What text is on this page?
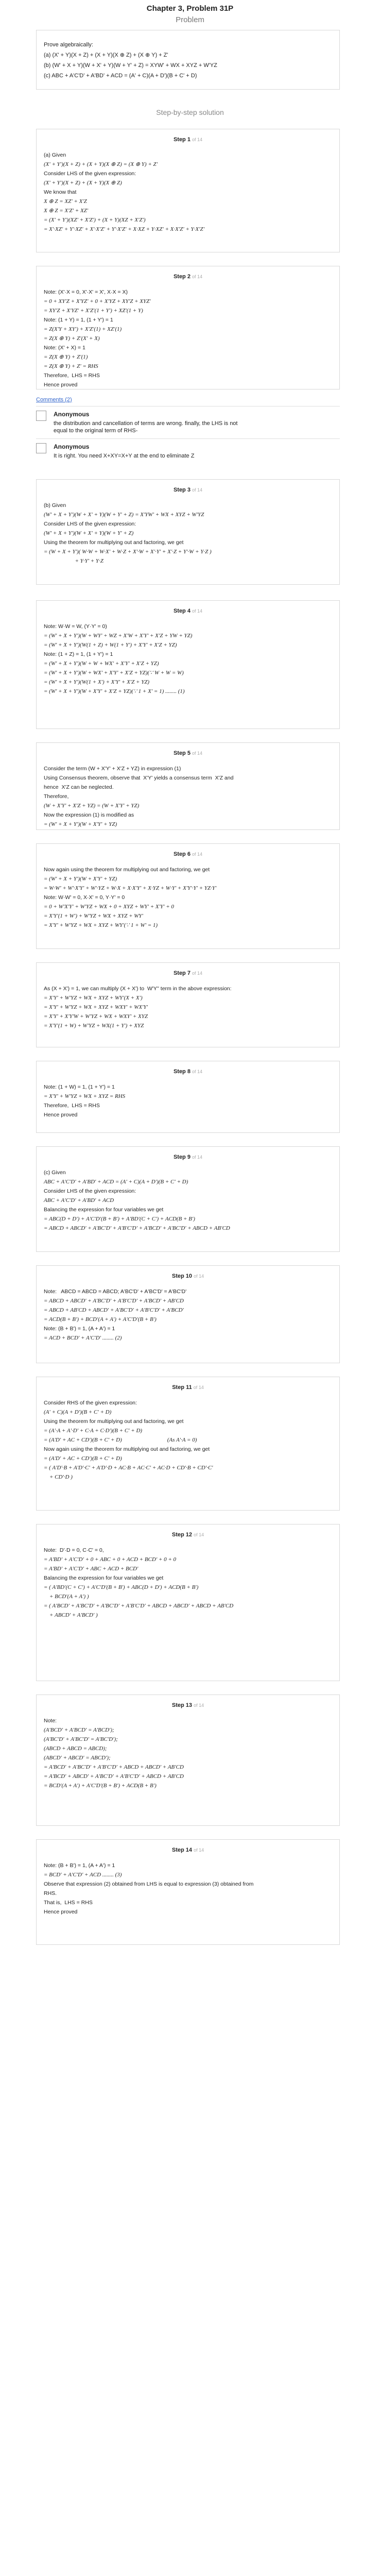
Chapter 3, Problem 31P
Problem
Prove algebraically:
(a) (X' + Y)(X + Z) + (X + Y)(X ⊕ Z) + (X ⊕ Y) + Z'
(b) (W' + X + Y)(W + X' + Y)(W + Y' + Z) = XYW' + WX + XYZ + W'YZ
(c) ABC + A'C'D' + A'BD' + ACD = (A' + C)(A + D')(B + C' + D)
Step-by-step solution
Step 1 of 14
(a) Given
(X' + Y')(X + Z) + (X + Y)(X ⊕ Z) = (X ⊕ Y) + Z'
Consider LHS of the given expression:
(X' + Y')(X + Z) + (X + Y)(X ⊕ Z)
We know that
X ⊕ Z = XZ' + X'Z
X ⊕ Z = X'Z' + XZ'
= (X' + Y')(XZ' + X'Z') + (X + Y)(XZ + X'Z')
= X'·XZ' + Y'·XZ' + X'·X'Z' + Y'·X'Z' + X·XZ + Y·XZ' + X·X'Z' + Y·X'Z'
Step 2 of 14
Note: (X'·X = 0, X'·X' = X', X·X = X)
= 0 + XY'Z + X'YZ' + 0 + X'YZ + XY'Z + XYZ'
= XY'Z + X'YZ' + X'Z'(1 + Y') + XZ'(1 + Y)
Note: (1 + Y) = 1, (1 + Y') = 1
= Z(X'Y + XY') + X'Z'(1) + XZ'(1)
= Z(X ⊕ Y) + Z'(X' + X)
Note: (X' + X) = 1
= Z(X ⊕ Y) + Z'(1)
= Z(X ⊕ Y) + Z' = RHS
Therefore,  LHS = RHS
Hence proved
Comments (2)
Anonymous
the distribution and cancellation of terms are wrong. finally, the LHS is not equal to the original term of RHS-
Anonymous
It is right. You need X+XY=X+Y at the end to eliminate Z
Step 3 of 14
(b) Given
(W' + X + Y')(W + X' + Y)(W + Y' + Z) = X'YW' + WX + XYZ + W'YZ
Consider LHS of the given expression:
(W' + X + Y')(W + X' + Y)(W + Y' + Z)
Using the theorem for multiplying out and factoring, we get
= (W + X + Y')( W·W + W·X' + W·Z + X'·W + X'·Y' + X'·Z + Y'·W + Y·Z )
+ Y·Y' + Y·Z
Step 4 of 14
Note: W·W = W, (Y·Y' = 0)
= (W' + X + Y')(W + WY' + WZ + X'W + X'Y' + X'Z + YW + YZ)
= (W' + X + Y')(W(1 + Z) + W(1 + Y') + X'Y' + X'Z + YZ)
Note: (1 + Z) = 1, (1 + Y') = 1
= (W' + X + Y')(W + W + WX' + X'Y' + X'Z + YZ)
= (W' + X + Y')(W + WX' + X'Y' + X'Z + YZ)(∵ W + W = W)
= (W' + X + Y')(W(1 + X') + X'Y' + X'Z + YZ)
= (W' + X + Y')(W + X'Y' + X'Z + YZ)(∵ 1 + X' = 1) ........ (1)
Step 5 of 14
Consider the term (W + X'Y' + X'Z + YZ) in expression (1)
Using Consensus theorem, observe that  X'Y' yields a consensus term  X'Z and
hence  X'Z can be neglected.
Therefore,
(W + X'Y' + X'Z + YZ) = (W + X'Y' + YZ)
Now the expression (1) is modified as
= (W' + X + Y')(W + X'Y' + YZ)
Step 6 of 14
Now again using the theorem for multiplying out and factoring, we get
= (W' + X + Y')(W + X'Y' + YZ)
= W·W' + W'·X'Y' + W'·YZ + W·X + X·X'Y' + X·YZ + W·Y' + X'Y'·Y' + YZ·Y'
Note: W·W' = 0, X·X' = 0, Y·Y' = 0
= 0 + W'X'Y' + W'YZ + WX + 0 + XYZ + WY' + X'Y' + 0
= X'Y'(1 + W') + W'YZ + WX + XYZ + WY'
= X'Y' + W'YZ + WX + XYZ + WY'(∵ 1 + W' = 1)
Step 7 of 14
As (X + X') = 1, we can multiply (X + X') to  W'Y'' term in the above expression:
= X'Y' + W'YZ + WX + XYZ + WY'(X + X')
= X'Y' + W'YZ + WX + XYZ + WXY' + WX'Y'
= X'Y' + X'Y'W + W'YZ + WX + WXY' + XYZ
= X'Y'(1 + W) + W'YZ + WX(1 + Y') + XYZ
Step 8 of 14
Note: (1 + W) = 1, (1 + Y') = 1
= X'Y' + W'YZ + WX + XYZ = RHS
Therefore,  LHS = RHS
Hence proved
Step 9 of 14
(c) Given
ABC + A'C'D' + A'BD' + ACD = (A' + C)(A + D')(B + C' + D)
Consider LHS of the given expression:
ABC + A'C'D' + A'BD' + ACD
Balancing the expression for four variables we get
= ABC(D + D') + A'C'D'(B + B') + A'BD'(C + C') + ACD(B + B')
= ABCD + ABCD' + A'BC'D' + A'B'C'D' + A'BCD' + A'BC'D' + ABCD + AB'CD
Step 10 of 14
Note:   ABCD = ABCD = ABCD; A'BC'D' + A'BC'D' = A'BC'D'
= ABCD + ABCD' + A'BC'D' + A'B'C'D' + A'BCD' + AB'CD
= ABCD + AB'CD + ABCD' + A'BC'D' + A'B'C'D' + A'BCD'
= ACD(B + B') + BCD'(A + A') + A'C'D'(B + B')
Note: (B + B') = 1, (A + A') = 1
= ACD + BCD' + A'C'D' ........ (2)
Step 11 of 14
Consider RHS of the given expression:
(A' + C)(A + D')(B + C' + D)
Using the theorem for multiplying out and factoring, we get
= (A'·A + A'·D' + C·A + C·D')(B + C' + D)
= (A'D' + AC + CD')(B + C' + D)                                (As A'·A = 0)
Now again using the theorem for multiplying out and factoring, we get
= (A'D' + AC + CD')(B + C' + D)
= ( A'D'·B + A'D'·C' + A'D'·D + AC·B + AC·C' + AC·D + CD'·B + CD'·C'
+ CD'·D )
Step 12 of 14
Note:  D'·D = 0, C·C' = 0,
= A'BD' + A'C'D' + 0 + ABC + 0 + ACD + BCD' + 0 + 0
= A'BD' + A'C'D' + ABC + ACD + BCD'
Balancing the expression for four variables we get
= ( A'BD'(C + C') + A'C'D'(B + B') + ABC(D + D') + ACD(B + B')
+ BCD'(A + A') )
= ( A'BCD' + A'BC'D' + A'BC'D' + A'B'C'D' + ABCD + ABCD' + ABCD + AB'CD
+ ABCD' + A'BCD' )
Step 13 of 14
Note:
(A'BCD' + A'BCD' = A'BCD');
(A'BC'D' + A'BC'D' = A'BC'D');
(ABCD + ABCD = ABCD);
(ABCD' + ABCD' = ABCD');
= A'BCD' + A'BC'D' + A'B'C'D' + ABCD + ABCD' + AB'CD
= A'BCD' + ABCD' + A'BC'D' + A'B'C'D' + ABCD + AB'CD
= BCD'(A + A') + A'C'D'(B + B') + ACD(B + B')
Step 14 of 14
Note: (B + B') = 1, (A + A') = 1
= BCD' + A'C'D' + ACD ........ (3)
Observe that expression (2) obtained from LHS is equal to expression (3) obtained from
RHS.
That is,  LHS = RHS
Hence proved
